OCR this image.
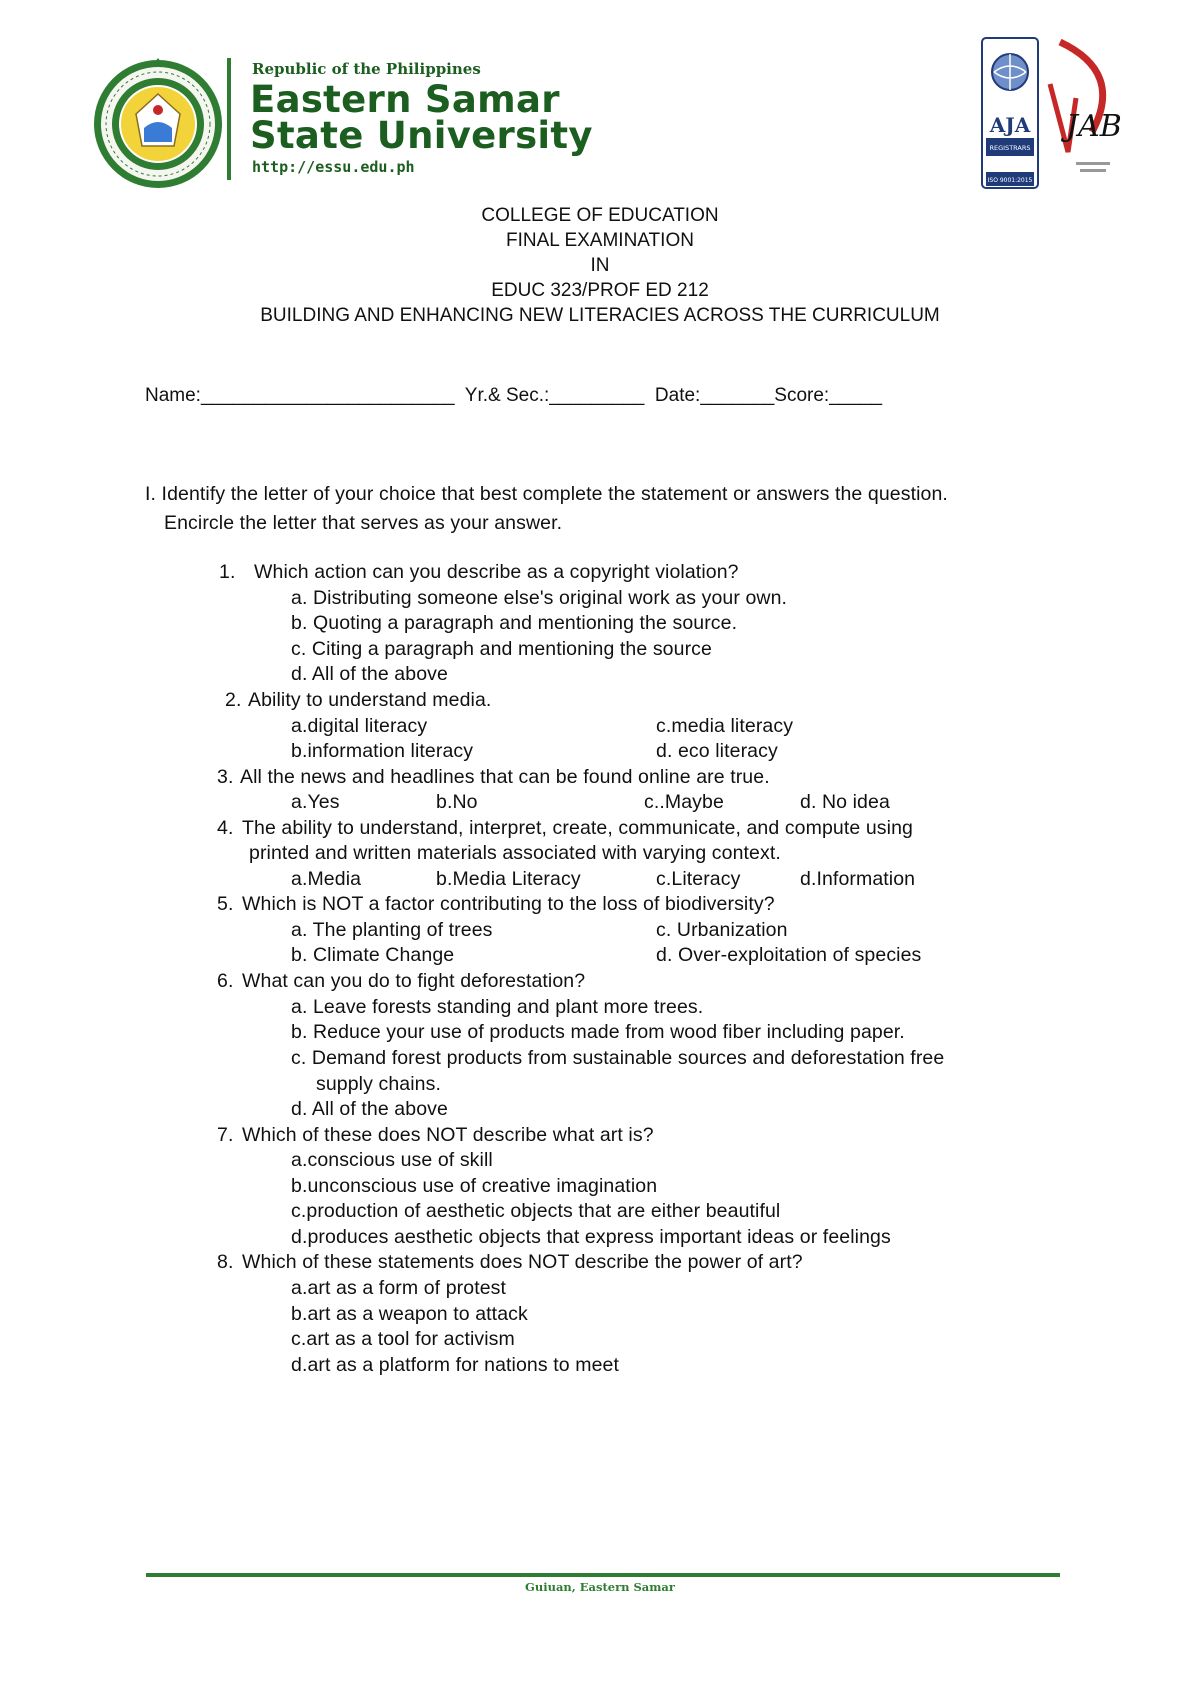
Republic of the Philippines
Eastern Samar
State University
http://essu.edu.ph
AJA
REGISTRARS
ISO 9001:2015
JAB
COLLEGE OF EDUCATION
FINAL EXAMINATION
IN
EDUC 323/PROF ED 212
BUILDING AND ENHANCING NEW LITERACIES ACROSS THE CURRICULUM
Name:________________________  Yr.& Sec.:_________  Date:_______Score:_____
I. Identify the letter of your choice that best complete the statement or answers the question.
Encircle the letter that serves as your answer.
1. Which action can you describe as a copyright violation?
a. Distributing someone else's original work as your own.
b. Quoting a paragraph and mentioning the source.
c. Citing a paragraph and mentioning the source
d. All of the above
2. Ability to understand media.
a.digital literacy	c.media literacy
b.information literacy	d. eco literacy
3. All the news and headlines that can be found online are true.
a.Yes	b.No	c..Maybe	d. No idea
4. The ability to understand, interpret, create, communicate, and compute using
printed and written materials associated with varying context.
a.Media	b.Media Literacy	c.Literacy	d.Information
5. Which is NOT a factor contributing to the loss of biodiversity?
a. The planting of trees	c. Urbanization
b. Climate Change	d. Over-exploitation of species
6. What can you do to fight deforestation?
a. Leave forests standing and plant more trees.
b. Reduce your use of products made from wood fiber including paper.
c. Demand forest products from sustainable sources and deforestation free
supply chains.
d. All of the above
7. Which of these does NOT describe what art is?
a.conscious use of skill
b.unconscious use of creative imagination
c.production of aesthetic objects that are either beautiful
d.produces aesthetic objects that express important ideas or feelings
8. Which of these statements does NOT describe the power of art?
a.art as a form of protest
b.art as a weapon to attack
c.art as a tool for activism
d.art as a platform for nations to meet
Guiuan, Eastern Samar
